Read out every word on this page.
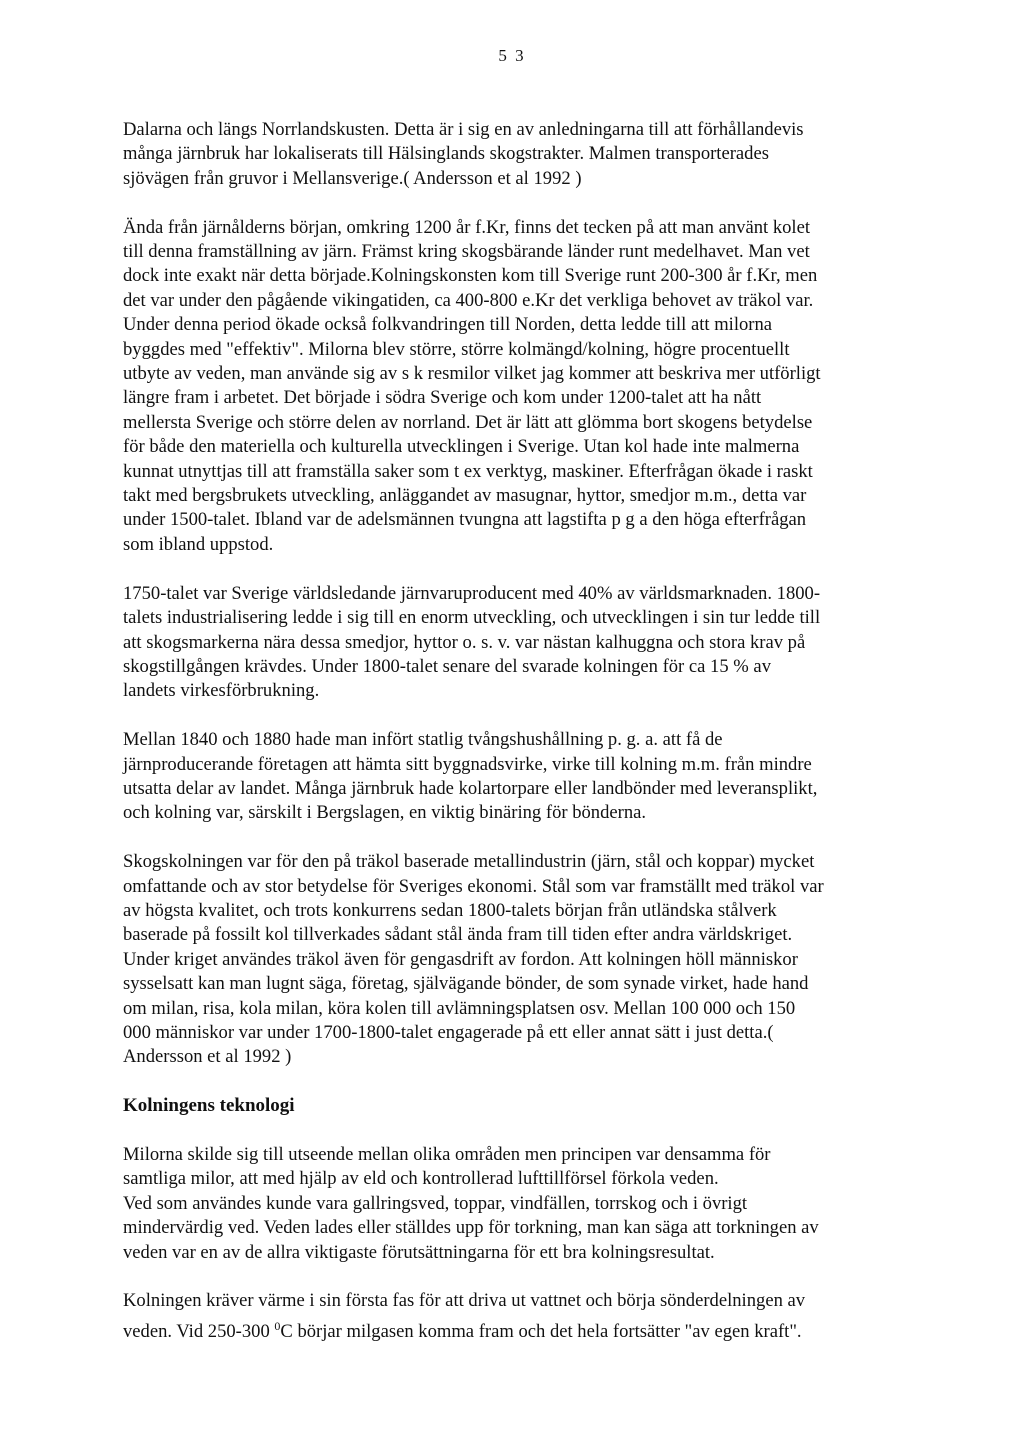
5 3

Dalarna och längs Norrlandskusten. Detta är i sig en av anledningarna till att förhållandevis
många järnbruk har lokaliserats till Hälsinglands skogstrakter. Malmen transporterades
sjövägen från gruvor i Mellansverige.( Andersson et al 1992 )

Ända från järnålderns början, omkring 1200 år f.Kr, finns det tecken på att man använt kolet
till denna framställning av järn. Främst kring skogsbärande länder runt medelhavet. Man vet
dock inte exakt när detta började.Kolningskonsten kom till Sverige runt 200-300 år f.Kr, men
det var under den pågående vikingatiden, ca 400-800 e.Kr det verkliga behovet av träkol var.
Under denna period ökade också folkvandringen till Norden, detta ledde till att milorna
byggdes med "effektiv". Milorna blev större, större kolmängd/kolning, högre procentuellt
utbyte av veden, man använde sig av s k resmilor vilket jag kommer att beskriva mer utförligt
längre fram i arbetet. Det började i södra Sverige och kom under 1200-talet att ha nått
mellersta Sverige och större delen av norrland. Det är lätt att glömma bort skogens betydelse
för både den materiella och kulturella utvecklingen i Sverige. Utan kol hade inte malmerna
kunnat utnyttjas till att framställa saker som t ex verktyg, maskiner. Efterfrågan ökade i raskt
takt med bergsbrukets utveckling, anläggandet av masugnar, hyttor, smedjor m.m., detta var
under 1500-talet. Ibland var de adelsmännen tvungna att lagstifta p g a den höga efterfrågan
som ibland uppstod.

1750-talet var Sverige världsledande järnvaruproducent med 40% av världsmarknaden. 1800-
talets industrialisering ledde i sig till en enorm utveckling, och utvecklingen i sin tur ledde till
att skogsmarkerna nära dessa smedjor, hyttor o. s. v. var nästan kalhuggna och stora krav på
skogstillgången krävdes. Under 1800-talet senare del svarade kolningen för ca 15 % av
landets virkesförbrukning.

Mellan 1840 och 1880 hade man infört statlig tvångshushållning p. g. a. att få de
järnproducerande företagen att hämta sitt byggnadsvirke, virke till kolning m.m. från mindre
utsatta delar av landet. Många järnbruk hade kolartorpare eller landbönder med leveransplikt,
och kolning var, särskilt i Bergslagen, en viktig binäring för bönderna.

Skogskolningen var för den på träkol baserade metallindustrin (järn, stål och koppar) mycket
omfattande och av stor betydelse för Sveriges ekonomi. Stål som var framställt med träkol var
av högsta kvalitet, och trots konkurrens sedan 1800-talets början från utländska stålverk
baserade på fossilt kol tillverkades sådant stål ända fram till tiden efter andra världskriget.
Under kriget användes träkol även för gengasdrift av fordon. Att kolningen höll människor
sysselsatt kan man lugnt säga, företag, självägande bönder, de som synade virket, hade hand
om milan, risa, kola milan, köra kolen till avlämningsplatsen osv. Mellan 100 000 och 150
000 människor var under 1700-1800-talet engagerade på ett eller annat sätt i just detta.(
Andersson et al 1992 )

Kolningens teknologi

Milorna skilde sig till utseende mellan olika områden men principen var densamma för
samtliga milor, att med hjälp av eld och kontrollerad lufttillförsel förkola veden.
Ved som användes kunde vara gallringsved, toppar, vindfällen, torrskog och i övrigt
mindervärdig ved. Veden lades eller ställdes upp för torkning, man kan säga att torkningen av
veden var en av de allra viktigaste förutsättningarna för ett bra kolningsresultat.

Kolningen kräver värme i sin första fas för att driva ut vattnet och börja sönderdelningen av
veden. Vid 250-300 $^0$C börjar milgasen komma fram och det hela fortsätter "av egen kraft".
